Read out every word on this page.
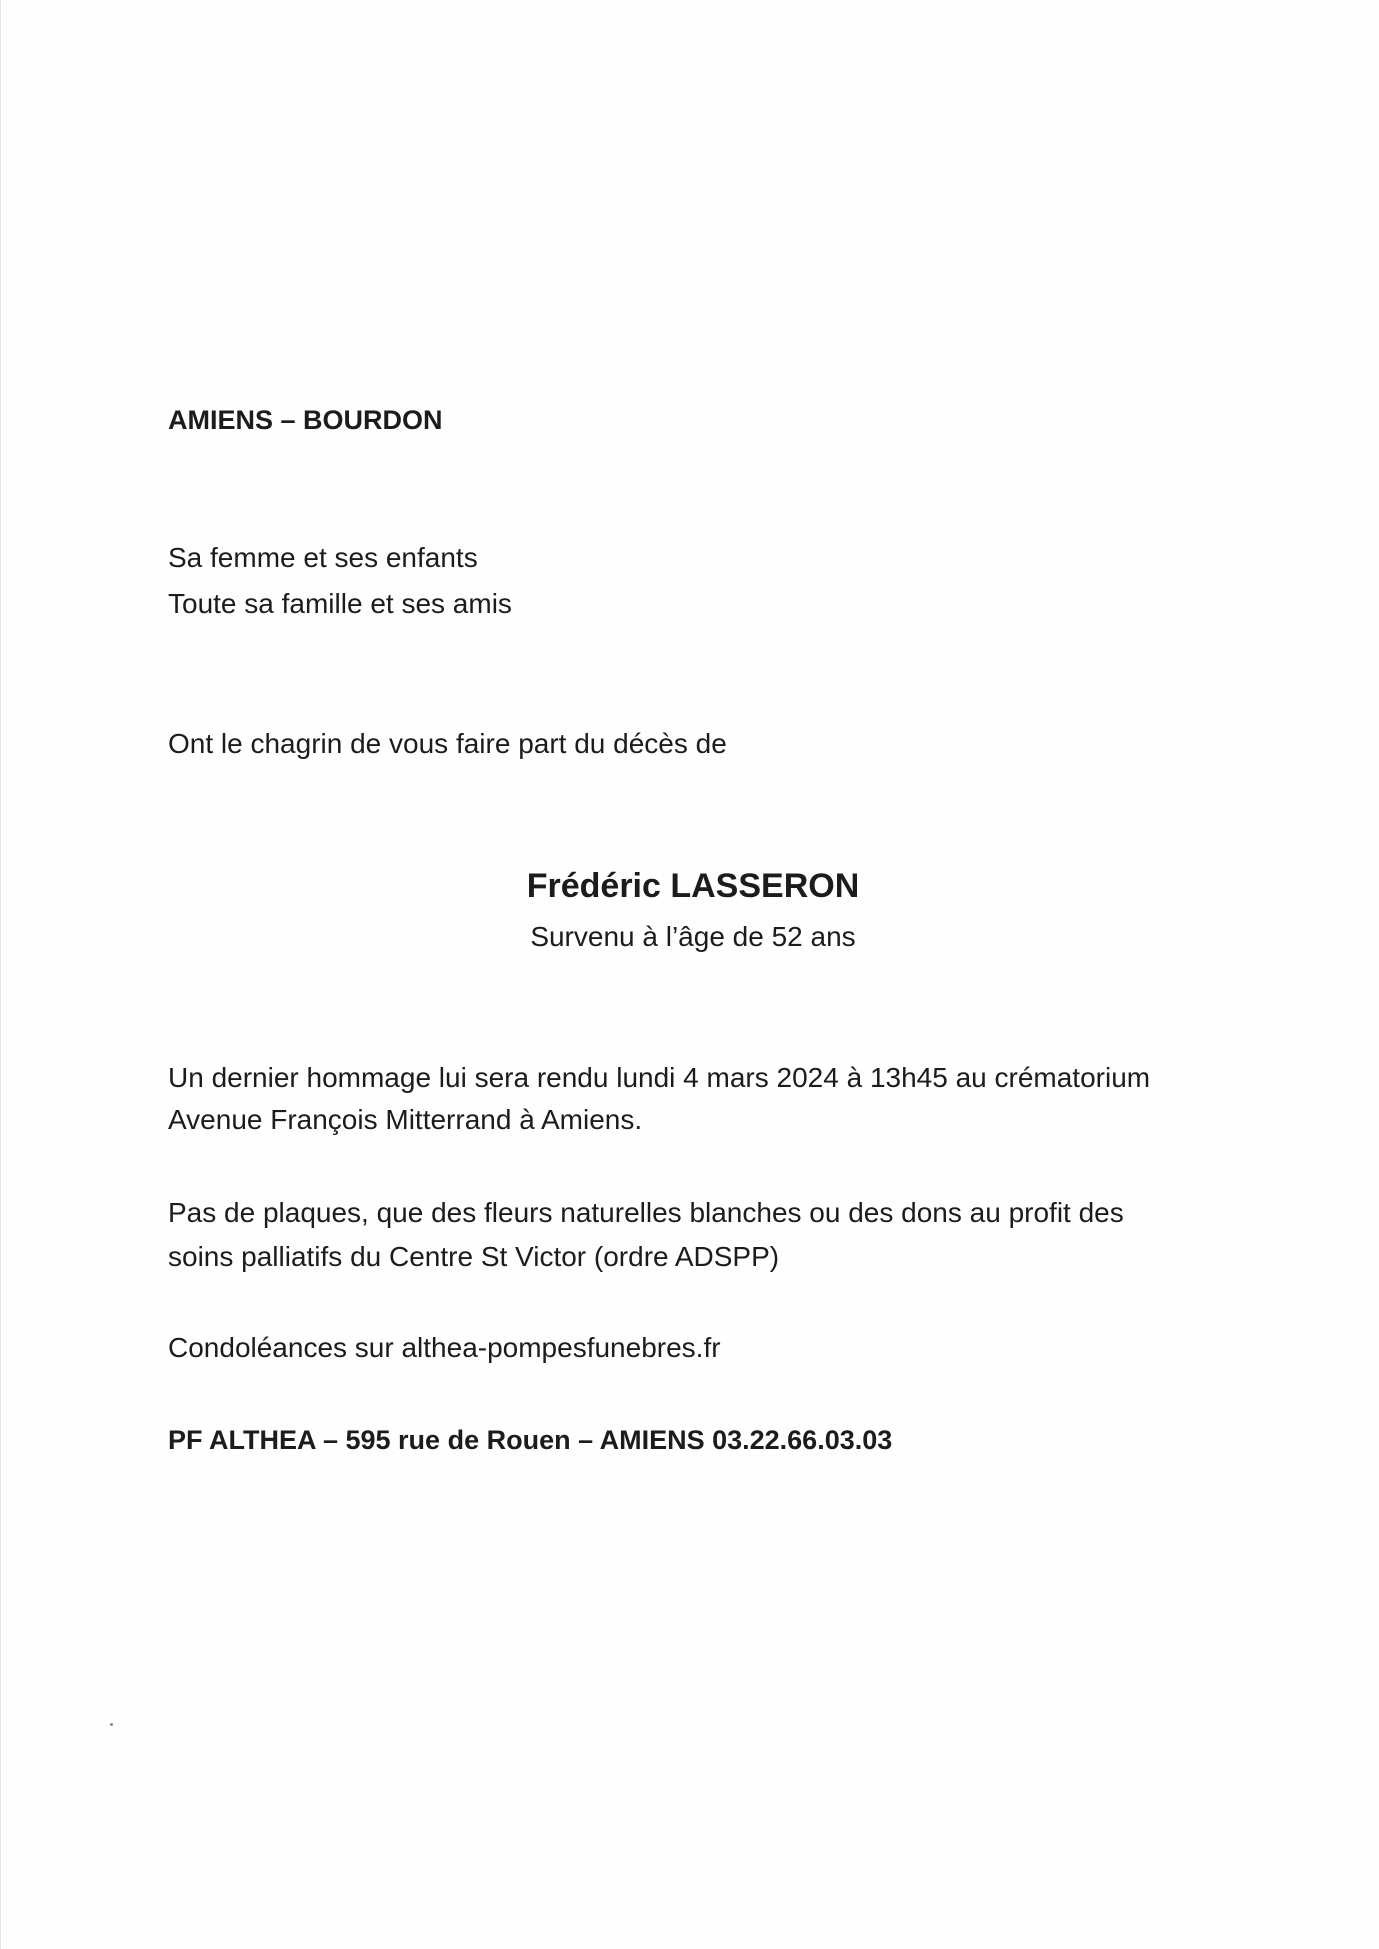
AMIENS – BOURDON
Sa femme et ses enfants
Toute sa famille et ses amis
Ont le chagrin de vous faire part du décès de
Frédéric LASSERON
Survenu à l’âge de 52 ans
Un dernier hommage lui sera rendu lundi 4 mars 2024 à 13h45 au crématorium
Avenue François Mitterrand à Amiens.
Pas de plaques, que des fleurs naturelles blanches ou des dons au profit des
soins palliatifs du Centre St Victor (ordre ADSPP)
Condoléances sur althea-pompesfunebres.fr
PF ALTHEA – 595 rue de Rouen – AMIENS 03.22.66.03.03
